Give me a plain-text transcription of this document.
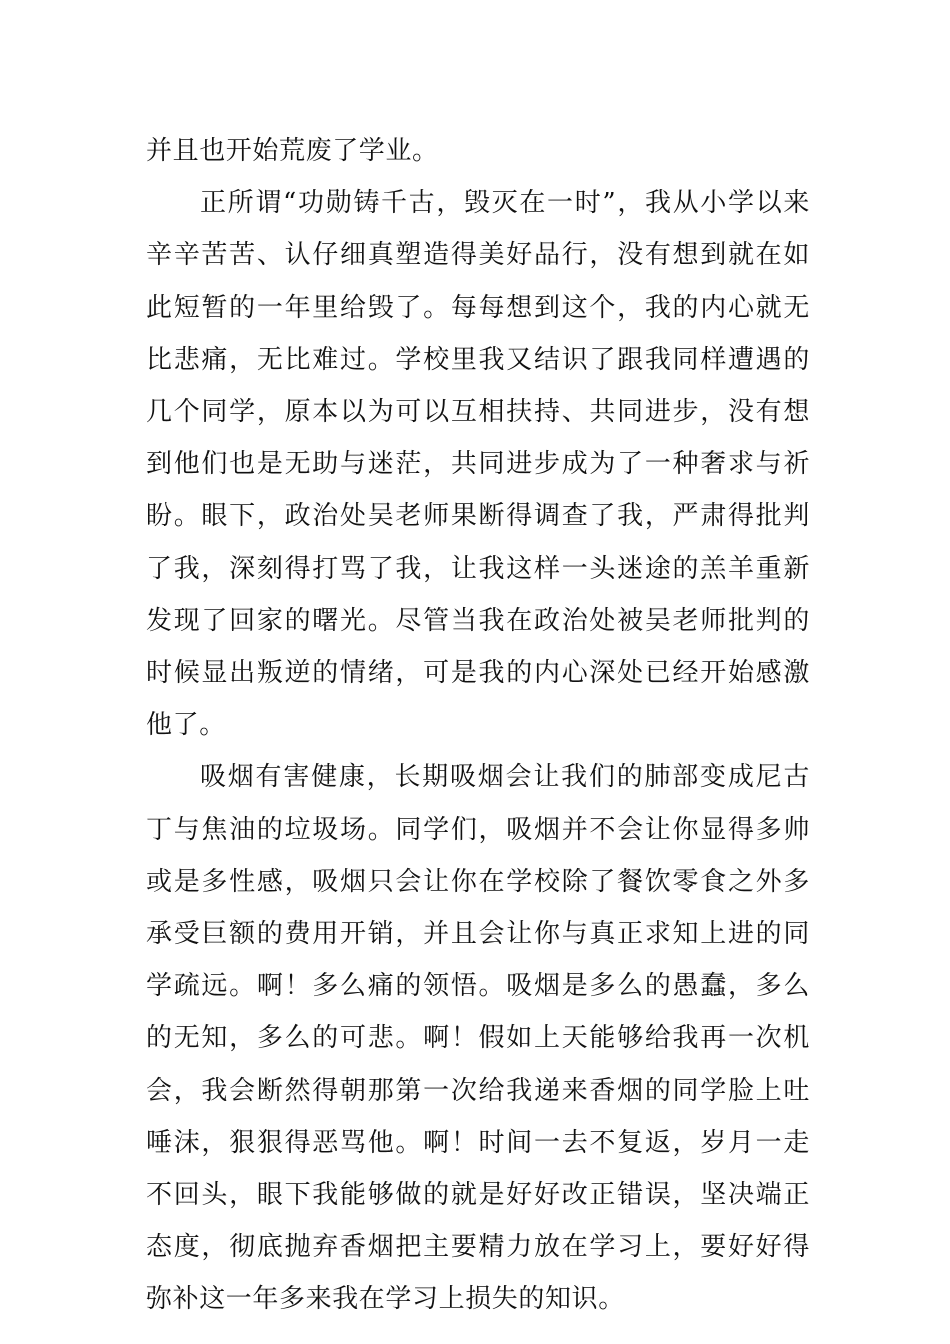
并且也开始荒废了学业。

正所谓“功勋铸千古，毁灭在一时”，我从小学以来辛辛苦苦、认仔细真塑造得美好品行，没有想到就在如此短暂的一年里给毁了。每每想到这个，我的内心就无比悲痛，无比难过。学校里我又结识了跟我同样遭遇的几个同学，原本以为可以互相扶持、共同进步，没有想到他们也是无助与迷茫，共同进步成为了一种奢求与祈盼。眼下，政治处吴老师果断得调查了我，严肃得批判了我，深刻得打骂了我，让我这样一头迷途的羔羊重新发现了回家的曙光。尽管当我在政治处被吴老师批判的时候显出叛逆的情绪，可是我的内心深处已经开始感激他了。

吸烟有害健康，长期吸烟会让我们的肺部变成尼古丁与焦油的垃圾场。同学们，吸烟并不会让你显得多帅或是多性感，吸烟只会让你在学校除了餐饮零食之外多承受巨额的费用开销，并且会让你与真正求知上进的同学疏远。啊！多么痛的领悟。吸烟是多么的愚蠢，多么的无知，多么的可悲。啊！假如上天能够给我再一次机会，我会断然得朝那第一次给我递来香烟的同学脸上吐唾沫，狠狠得恶骂他。啊！时间一去不复返，岁月一走不回头，眼下我能够做的就是好好改正错误，坚决端正态度，彻底抛弃香烟把主要精力放在学习上，要好好得弥补这一年多来我在学习上损失的知识。
